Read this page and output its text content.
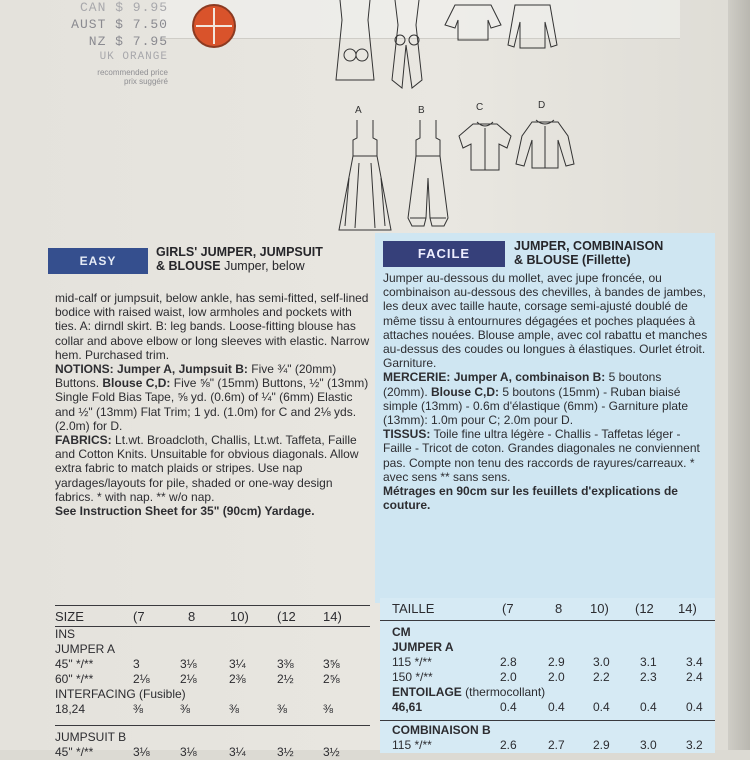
CAN $ 9.95
AUST $ 7.50
NZ $ 7.95
UK ORANGE
recommended price
prix suggéré
A	B	C	D
EASY
GIRLS' JUMPER, JUMPSUIT
& BLOUSE Jumper, below

mid-calf or jumpsuit, below ankle, has semi-fitted, self-lined bodice with raised waist, low armholes and pockets with ties. A: dirndl skirt. B: leg bands. Loose-fitting blouse has collar and above elbow or long sleeves with elastic. Narrow hem. Purchased trim.

NOTIONS: Jumper A, Jumpsuit B: Five ¾" (20mm) Buttons. Blouse C,D: Five ⅝" (15mm) Buttons, ½" (13mm) Single Fold Bias Tape, ⅝ yd. (0.6m) of ¼" (6mm) Elastic and ½" (13mm) Flat Trim; 1 yd. (1.0m) for C and 2⅛ yds. (2.0m) for D.

FABRICS: Lt.wt. Broadcloth, Challis, Lt.wt. Taffeta, Faille and Cotton Knits. Unsuitable for obvious diagonals. Allow extra fabric to match plaids or stripes. Use nap yardages/layouts for pile, shaded or one-way design fabrics. * with nap. ** w/o nap.

See Instruction Sheet for 35" (90cm) Yardage.

FACILE	JUMPER, COMBINAISON
& BLOUSE (Fillette)

Jumper au-dessous du mollet, avec jupe froncée, ou combinaison au-dessous des chevilles, à bandes de jambes, les deux avec taille haute, corsage semi-ajusté doublé de même tissu à entournures dégagées et poches plaquées à attaches nouées. Blouse ample, avec col rabattu et manches au-dessus des coudes ou longues à élastiques. Ourlet étroit. Garniture.

MERCERIE: Jumper A, combinaison B: 5 boutons (20mm). Blouse C,D: 5 boutons (15mm) - Ruban biaisé simple (13mm) - 0.6m d'élastique (6mm) - Garniture plate (13mm): 1.0m pour C; 2.0m pour D.

TISSUS: Toile fine ultra légère - Challis - Taffetas léger - Faille - Tricot de coton. Grandes diagonales ne conviennent pas. Compte non tenu des raccords de rayures/carreaux. * avec sens ** sans sens.

Métrages en 90cm sur les feuillets d'explications de couture.

SIZE	(7	8	10) (12 14)
INS
JUMPER A
45" */**	3	3⅛	3¼	3⅜ 3⅝
60" */**	2⅛	2⅛	2⅜	2½ 2⅝
INTERFACING (Fusible)
18,24	⅜	⅜	⅜	⅜	⅜
JUMPSUIT B
45" */**	3⅛	3⅛	3¼	3½ 3½
TAILLE	(7	8 10) (12 14)
CM
JUMPER A
115 */**	2.8	2.9 3.0	3.1 3.4
150 */**	2.0	2.0 2.2	2.3 2.4
ENTOILAGE (thermocollant)
46,61	0.4	0.4 0.4	0.4 0.4
COMBINAISON B
115 */**	2.6	2.7 2.9	3.0 3.2
